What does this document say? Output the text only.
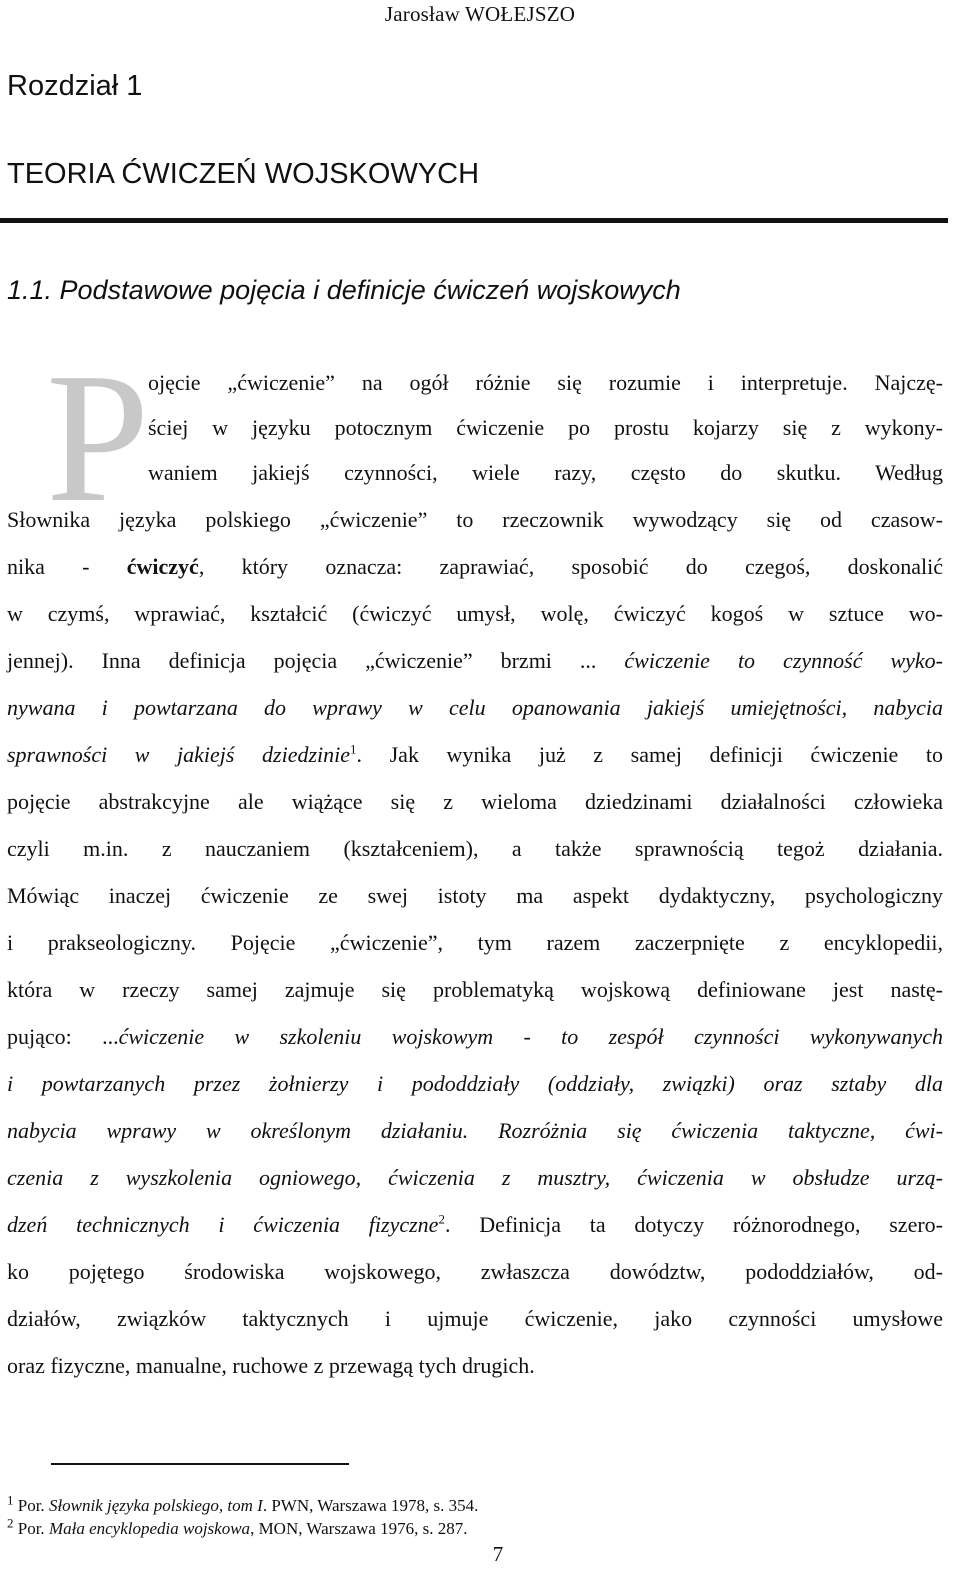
Jarosław WOŁEJSZO
Rozdział 1
TEORIA ĆWICZEŃ WOJSKOWYCH
1.1. Podstawowe pojęcia i definicje ćwiczeń wojskowych
P
ojęcie „ćwiczenie” na ogół różnie się rozumie i interpretuje. Najczę-
ściej w języku potocznym ćwiczenie po prostu kojarzy się z wykony-
waniem jakiejś czynności, wiele razy, często do skutku. Według
Słownika języka polskiego „ćwiczenie” to rzeczownik wywodzący się od czasow-
nika - ćwiczyć, który oznacza: zaprawiać, sposobić do czegoś, doskonalić
w czymś, wprawiać, kształcić (ćwiczyć umysł, wolę, ćwiczyć kogoś w sztuce wo-
jennej). Inna definicja pojęcia „ćwiczenie” brzmi ... ćwiczenie to czynność wyko-
nywana i powtarzana do wprawy w celu opanowania jakiejś umiejętności, nabycia
sprawności w jakiejś dziedzinie$^1$. Jak wynika już z samej definicji ćwiczenie to
pojęcie abstrakcyjne ale wiążące się z wieloma dziedzinami działalności człowieka
czyli m.in. z nauczaniem (kształceniem), a także sprawnością tegoż działania.
Mówiąc inaczej ćwiczenie ze swej istoty ma aspekt dydaktyczny, psychologiczny
i prakseologiczny. Pojęcie „ćwiczenie”, tym razem zaczerpnięte z encyklopedii,
która w rzeczy samej zajmuje się problematyką wojskową definiowane jest nastę-
pująco: ...ćwiczenie w szkoleniu wojskowym - to zespół czynności wykonywanych
i powtarzanych przez żołnierzy i pododdziały (oddziały, związki) oraz sztaby dla
nabycia wprawy w określonym działaniu. Rozróżnia się ćwiczenia taktyczne, ćwi-
czenia z wyszkolenia ogniowego, ćwiczenia z musztry, ćwiczenia w obsłudze urzą-
dzeń technicznych i ćwiczenia fizyczne$^2$. Definicja ta dotyczy różnorodnego, szero-
ko pojętego środowiska wojskowego, zwłaszcza dowództw, pododdziałów, od-
działów, związków taktycznych i ujmuje ćwiczenie, jako czynności umysłowe
oraz fizyczne, manualne, ruchowe z przewagą tych drugich.
$^1$ Por. Słownik języka polskiego, tom I. PWN, Warszawa 1978, s. 354.
$^2$ Por. Mała encyklopedia wojskowa, MON, Warszawa 1976, s. 287.
7
